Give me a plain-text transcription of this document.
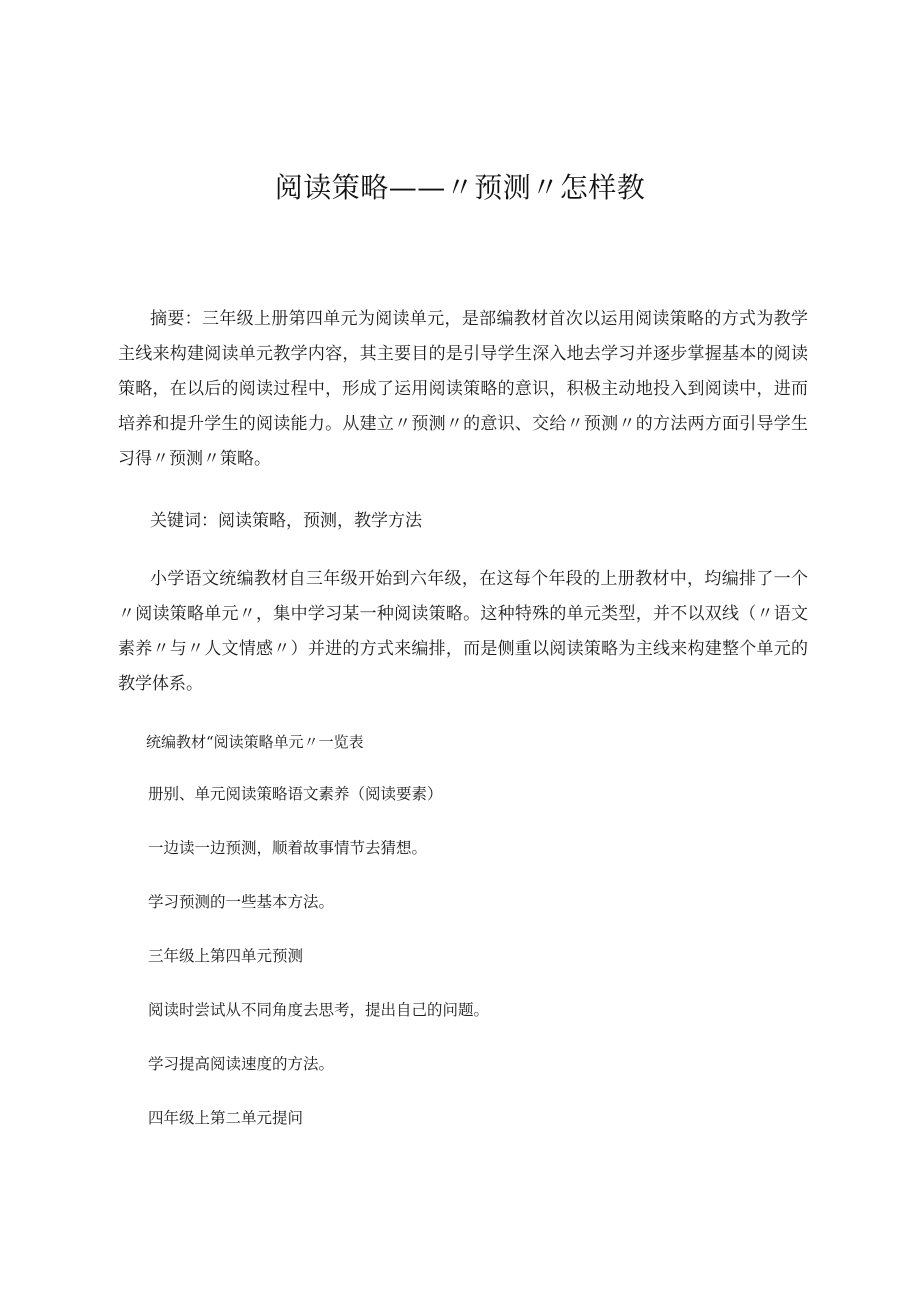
阅读策略——〃预测〃怎样教

摘要：三年级上册第四单元为阅读单元，是部编教材首次以运用阅读策略的方式为教学主线来构建阅读单元教学内容，其主要目的是引导学生深入地去学习并逐步掌握基本的阅读策略，在以后的阅读过程中，形成了运用阅读策略的意识，积极主动地投入到阅读中，进而培养和提升学生的阅读能力。从建立〃预测〃的意识、交给〃预测〃的方法两方面引导学生习得〃预测〃策略。

关键词：阅读策略，预测，教学方法

小学语文统编教材自三年级开始到六年级，在这每个年段的上册教材中，均编排了一个〃阅读策略单元〃，集中学习某一种阅读策略。这种特殊的单元类型，并不以双线（〃语文素养〃与〃人文情感〃）并进的方式来编排，而是侧重以阅读策略为主线来构建整个单元的教学体系。

统编教材“阅读策略单元〃一览表
册别、单元阅读策略语文素养（阅读要素）
一边读一边预测，顺着故事情节去猜想。
学习预测的一些基本方法。
三年级上第四单元预测
阅读时尝试从不同角度去思考，提出自己的问题。
学习提高阅读速度的方法。
四年级上第二单元提问
